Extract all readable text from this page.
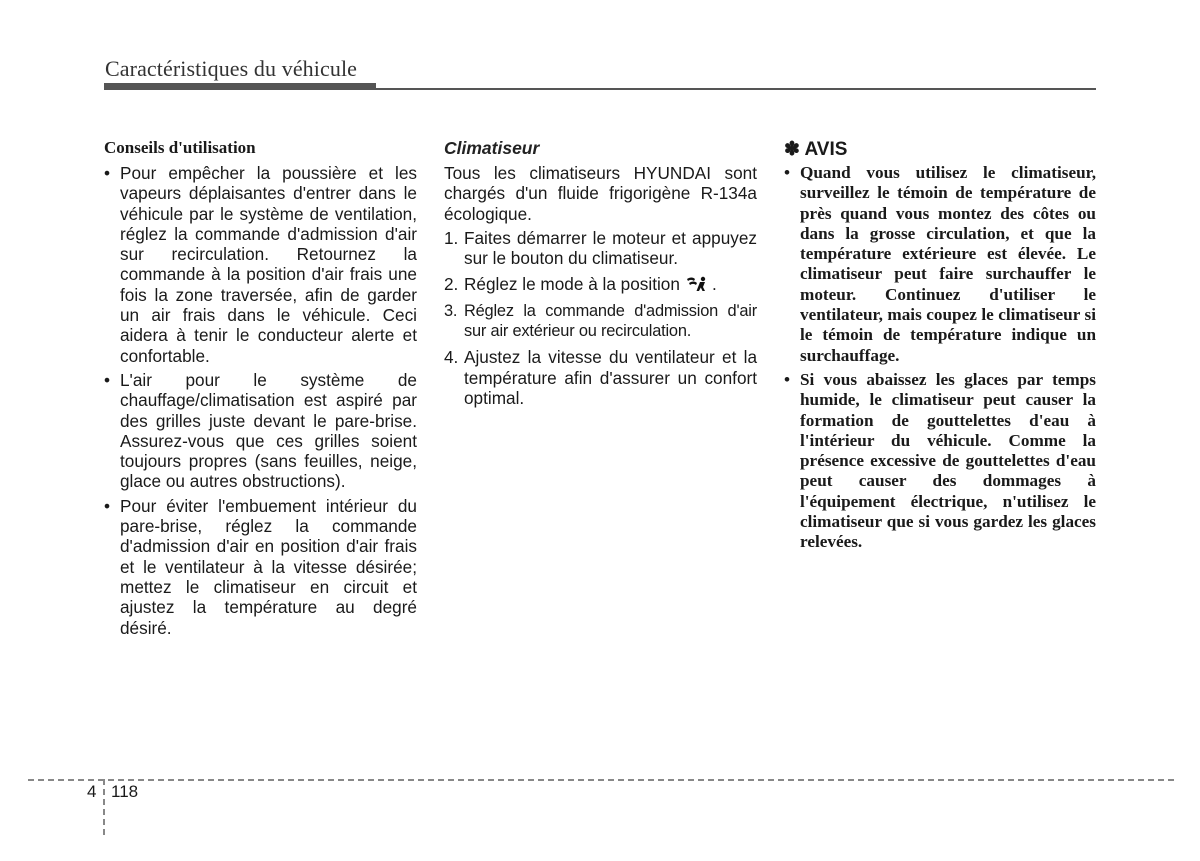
Caractéristiques du véhicule
Conseils d'utilisation
• Pour empêcher la poussière et les vapeurs déplaisantes d'entrer dans le véhicule par le système de ventilation, réglez la commande d'admission d'air sur recirculation. Retournez la commande à la position d'air frais une fois la zone traversée, afin de garder un air frais dans le véhicule. Ceci aidera à tenir le conducteur alerte et confortable.
• L'air pour le système de chauffage/climatisation est aspiré par des grilles juste devant le pare-brise. Assurez-vous que ces grilles soient toujours propres (sans feuilles, neige, glace ou autres obstructions).
• Pour éviter l'embuement intérieur du pare-brise, réglez la commande d'admission d'air en position d'air frais et le ventilateur à la vitesse désirée; mettez le climatiseur en circuit et ajustez la température au degré désiré.
Climatiseur

Tous les climatiseurs HYUNDAI sont chargés d'un fluide frigorigène R-134a écologique.

1. Faites démarrer le moteur et appuyez sur le bouton du climatiseur.
2. Réglez le mode à la position .
3. Réglez la commande d'admission d'air sur air extérieur ou recirculation.
4. Ajustez la vitesse du ventilateur et la température afin d'assurer un confort optimal.
✽ AVIS
• Quand vous utilisez le climatiseur, surveillez le témoin de température de près quand vous montez des côtes ou dans la grosse circulation, et que la température extérieure est élevée. Le climatiseur peut faire surchauffer le moteur. Continuez d'utiliser le ventilateur, mais coupez le climatiseur si le témoin de température indique un surchauffage.
• Si vous abaissez les glaces par temps humide, le climatiseur peut causer la formation de gouttelettes d'eau à l'intérieur du véhicule. Comme la présence excessive de gouttelettes d'eau peut causer des dommages à l'équipement électrique, n'utilisez le climatiseur que si vous gardez les glaces relevées.
4 118
